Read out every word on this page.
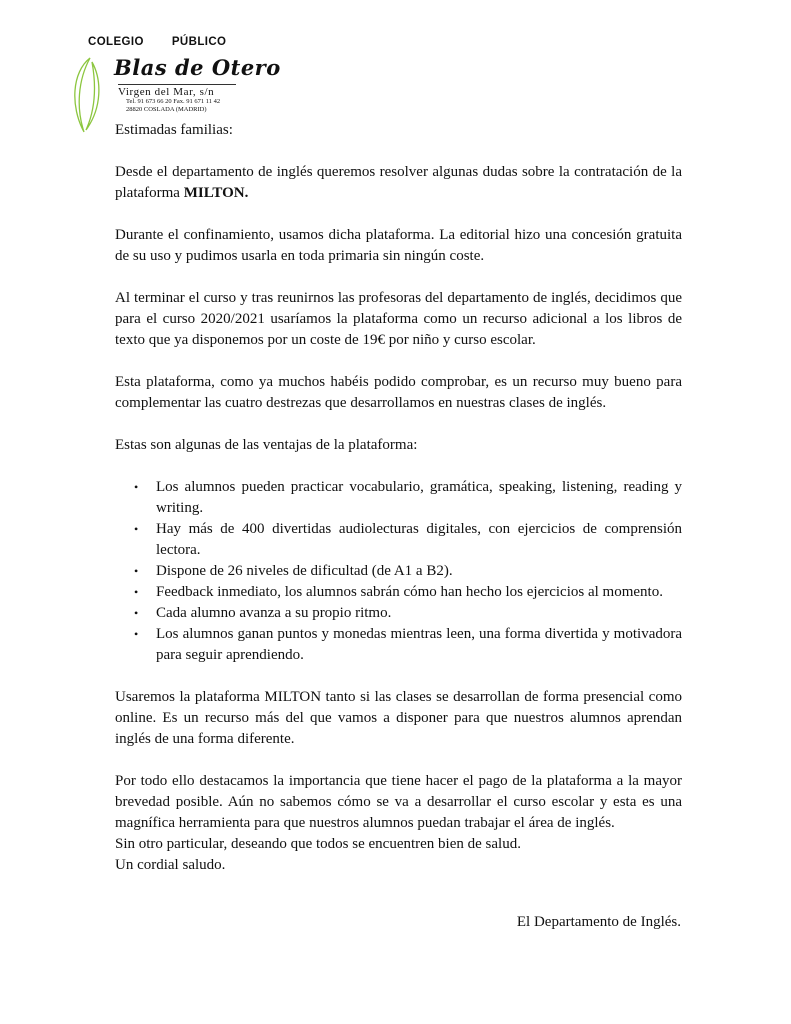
COLEGIO PÚBLICO
Blas de Otero
Virgen del Mar, s/n
Tel. 91 673 66 20 Fax. 91 671 11 42
28820 COSLADA (MADRID)

Estimadas familias:

Desde el departamento de inglés queremos resolver algunas dudas sobre la contratación de la plataforma MILTON.

Durante el confinamiento, usamos dicha plataforma. La editorial hizo una concesión gratuita de su uso y pudimos usarla en toda primaria sin ningún coste.

Al terminar el curso y tras reunirnos las profesoras del departamento de inglés, decidimos que para el curso 2020/2021 usaríamos la plataforma como un recurso adicional a los libros de texto que ya disponemos por un coste de 19€ por niño y curso escolar.

Esta plataforma, como ya muchos habéis podido comprobar, es un recurso muy bueno para complementar las cuatro destrezas que desarrollamos en nuestras clases de inglés.

Estas son algunas de las ventajas de la plataforma:

• Los alumnos pueden practicar vocabulario, gramática, speaking, listening, reading y writing.
• Hay más de 400 divertidas audiolecturas digitales, con ejercicios de comprensión lectora.
• Dispone de 26 niveles de dificultad (de A1 a B2).
• Feedback inmediato, los alumnos sabrán cómo han hecho los ejercicios al momento.
• Cada alumno avanza a su propio ritmo.
• Los alumnos ganan puntos y monedas mientras leen, una forma divertida y motivadora para seguir aprendiendo.

Usaremos la plataforma MILTON tanto si las clases se desarrollan de forma presencial como online. Es un recurso más del que vamos a disponer para que nuestros alumnos aprendan inglés de una forma diferente.

Por todo ello destacamos la importancia que tiene hacer el pago de la plataforma a la mayor brevedad posible. Aún no sabemos cómo se va a desarrollar el curso escolar y esta es una magnífica herramienta para que nuestros alumnos puedan trabajar el área de inglés.

Sin otro particular, deseando que todos se encuentren bien de salud.

Un cordial saludo.

El Departamento de Inglés.
